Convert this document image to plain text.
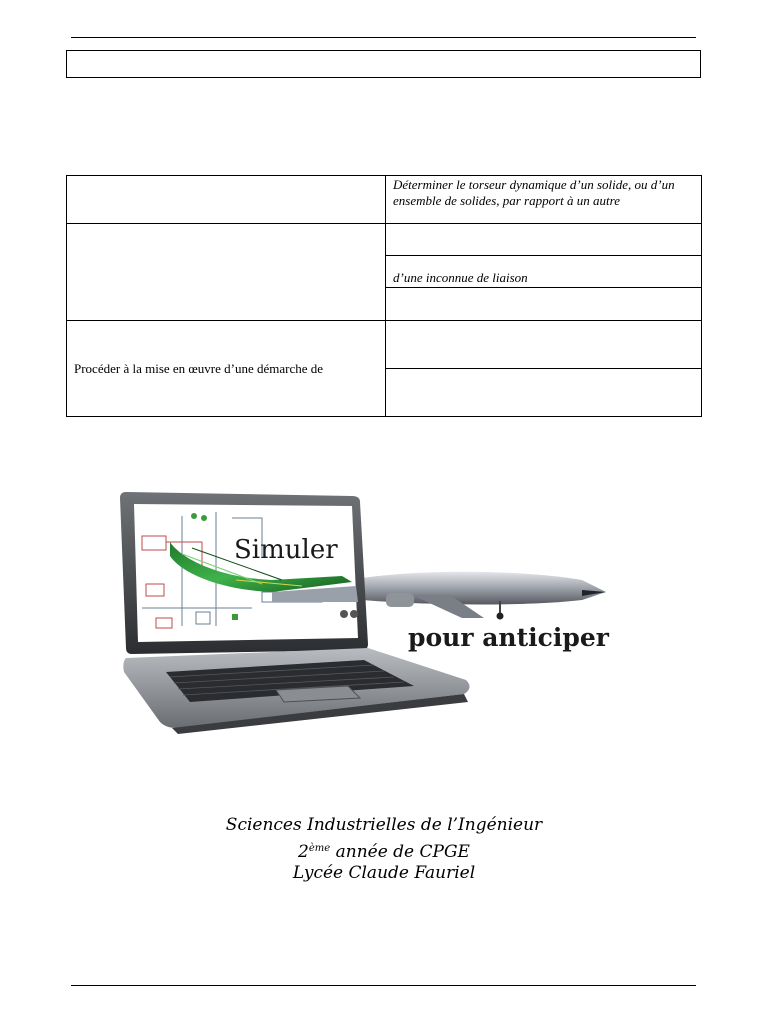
	Déterminer le torseur dynamique d’un solide, ou d’un ensemble de solides, par rapport à un autre

	d’une inconnue de liaison

Procéder à la mise en œuvre d’une démarche de	

Simuler
pour anticiper
Sciences Industrielles de l’Ingénieur
2ème année de CPGE
Lycée Claude Fauriel
